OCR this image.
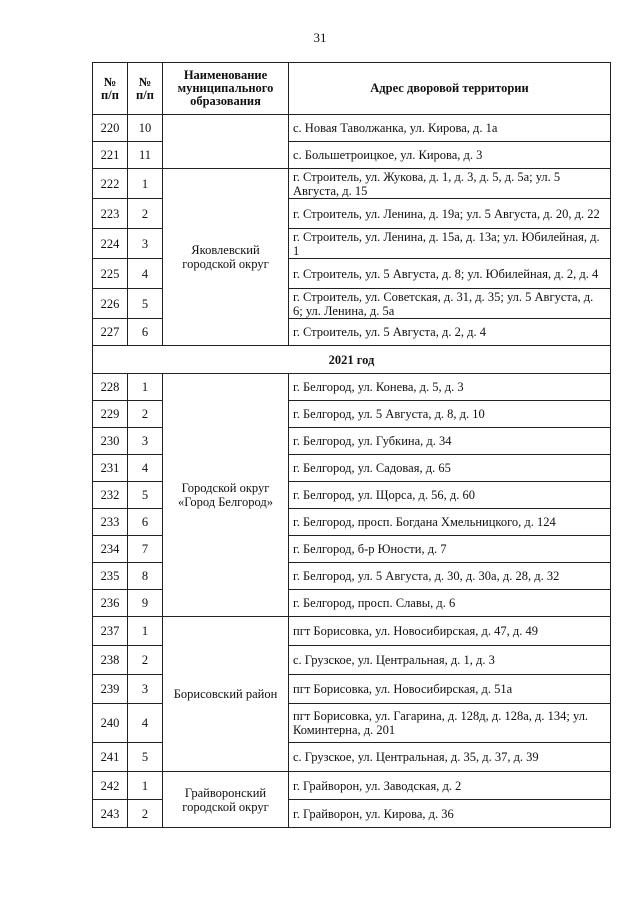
31
№ п/п	№ п/п	Наименование муниципального образования	Адрес дворовой территории
220	10		с. Новая Таволжанка, ул. Кирова, д. 1а
221	11		с. Большетроицкое, ул. Кирова, д. 3
222	1	Яковлевский городской округ	г. Строитель, ул. Жукова, д. 1, д. 3, д. 5, д. 5а; ул. 5 Августа, д. 15
223	2		г. Строитель, ул. Ленина, д. 19а; ул. 5 Августа, д. 20, д. 22
224	3		г. Строитель, ул. Ленина, д. 15а, д. 13а; ул. Юбилейная, д. 1
225	4		г. Строитель, ул. 5 Августа, д. 8; ул. Юбилейная, д. 2, д. 4
226	5		г. Строитель, ул. Советская, д. 31, д. 35; ул. 5 Августа, д. 6; ул. Ленина, д. 5а
227	6		г. Строитель, ул. 5 Августа, д. 2, д. 4
2021 год			
228	1	Городской округ «Город Белгород»	г. Белгород, ул. Конева, д. 5, д. 3
229	2		г. Белгород, ул. 5 Августа, д. 8, д. 10
230	3		г. Белгород, ул. Губкина, д. 34
231	4		г. Белгород, ул. Садовая, д. 65
232	5		г. Белгород, ул. Щорса, д. 56, д. 60
233	6		г. Белгород, просп. Богдана Хмельницкого, д. 124
234	7		г. Белгород, б-р Юности, д. 7
235	8		г. Белгород, ул. 5 Августа, д. 30, д. 30а, д. 28, д. 32
236	9		г. Белгород, просп. Славы, д. 6
237	1	Борисовский район	пгт Борисовка, ул. Новосибирская, д. 47, д. 49
238	2		с. Грузское, ул. Центральная, д. 1, д. 3
239	3		пгт Борисовка, ул. Новосибирская, д. 51а
240	4		пгт Борисовка, ул. Гагарина, д. 128д, д. 128а, д. 134; ул. Коминтерна, д. 201
241	5		с. Грузское, ул. Центральная, д. 35, д. 37, д. 39
242	1	Грайворонский городской округ	г. Грайворон, ул. Заводская, д. 2
243	2		г. Грайворон, ул. Кирова, д. 36
